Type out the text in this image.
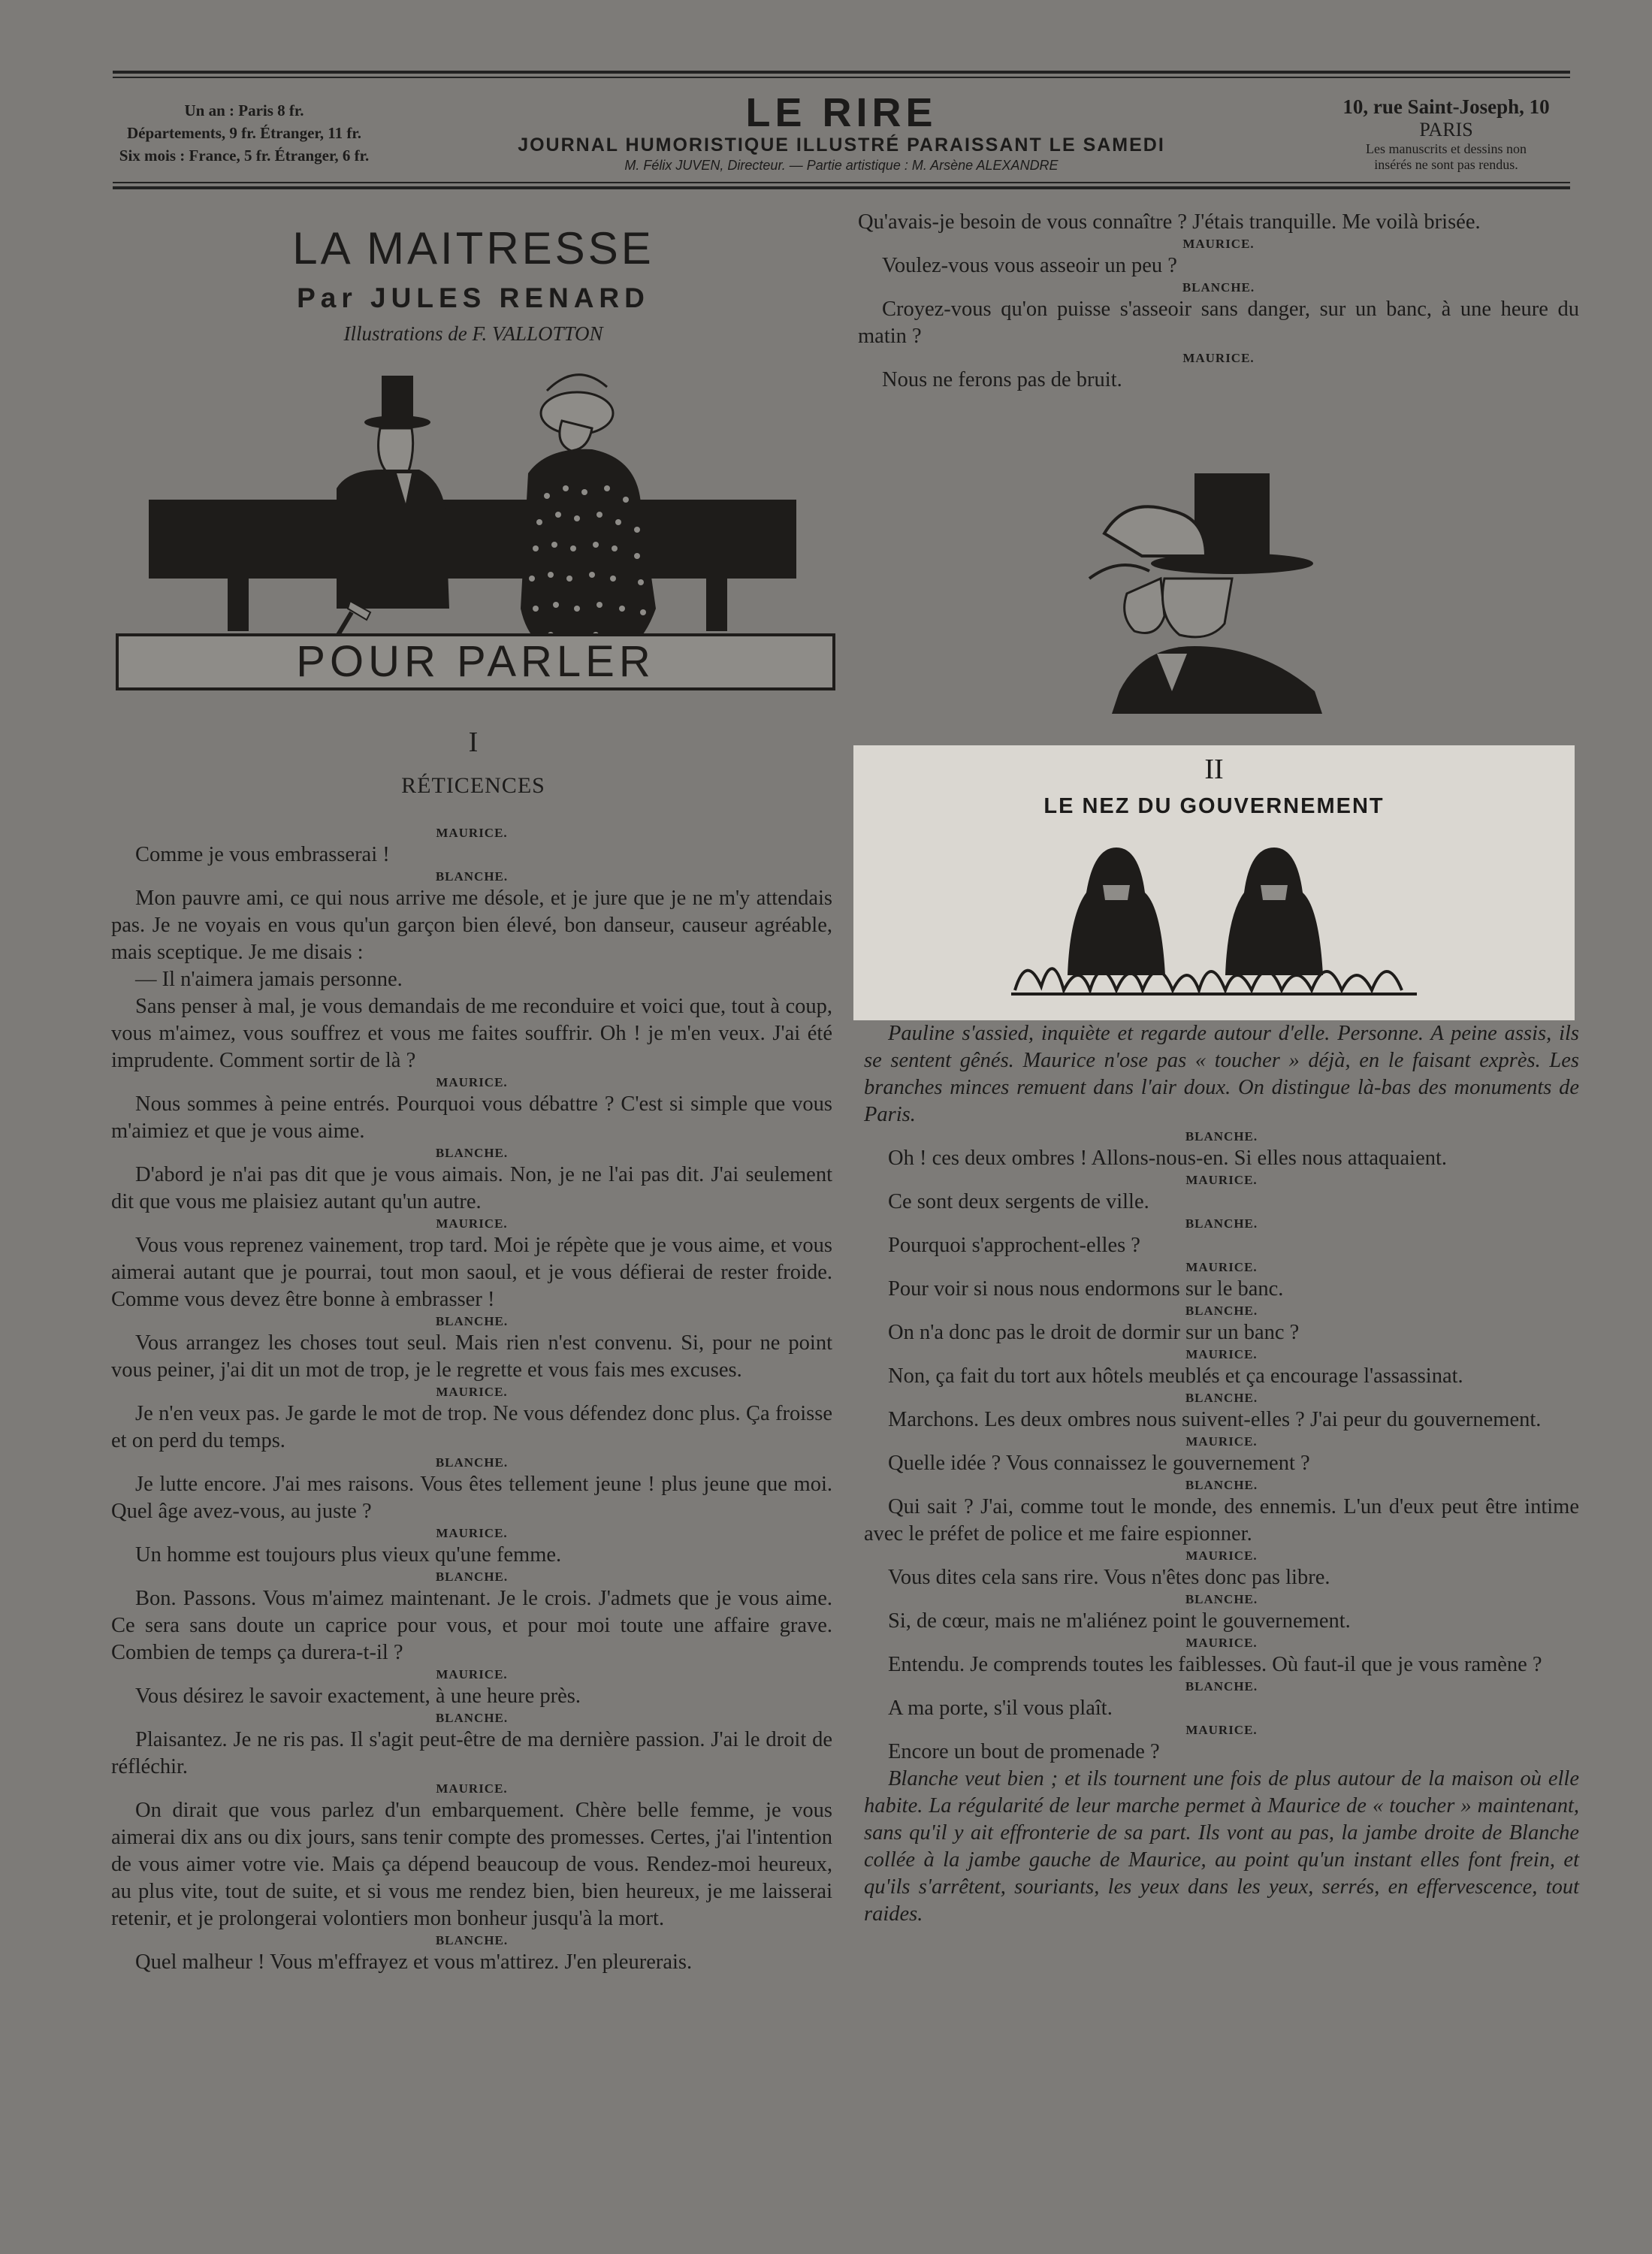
Un an : Paris 8 fr.
Départements, 9 fr. Étranger, 11 fr.
Six mois : France, 5 fr. Étranger, 6 fr.
LE RIRE
JOURNAL HUMORISTIQUE ILLUSTRÉ PARAISSANT LE SAMEDI
M. Félix JUVEN, Directeur. — Partie artistique : M. Arsène ALEXANDRE
10, rue Saint-Joseph, 10
PARIS
Les manuscrits et dessins non
insérés ne sont pas rendus.
LA MAITRESSE
Par JULES RENARD
Illustrations de F. VALLOTTON
POUR PARLER
I
RÉTICENCES

MAURICE.

Comme je vous embrasserai !

BLANCHE.

Mon pauvre ami, ce qui nous arrive me désole, et je jure que je ne m'y attendais pas. Je ne voyais en vous qu'un garçon bien élevé, bon danseur, causeur agréable, mais sceptique. Je me disais :

— Il n'aimera jamais personne.

Sans penser à mal, je vous demandais de me reconduire et voici que, tout à coup, vous m'aimez, vous souffrez et vous me faites souffrir. Oh ! je m'en veux. J'ai été imprudente. Comment sortir de là ?

MAURICE.

Nous sommes à peine entrés. Pourquoi vous débattre ? C'est si simple que vous m'aimiez et que je vous aime.

BLANCHE.

D'abord je n'ai pas dit que je vous aimais. Non, je ne l'ai pas dit. J'ai seulement dit que vous me plaisiez autant qu'un autre.

MAURICE.

Vous vous reprenez vainement, trop tard. Moi je répète que je vous aime, et vous aimerai autant que je pourrai, tout mon saoul, et je vous défierai de rester froide. Comme vous devez être bonne à embrasser !

BLANCHE.

Vous arrangez les choses tout seul. Mais rien n'est convenu. Si, pour ne point vous peiner, j'ai dit un mot de trop, je le regrette et vous fais mes excuses.

MAURICE.

Je n'en veux pas. Je garde le mot de trop. Ne vous défendez donc plus. Ça froisse et on perd du temps.

BLANCHE.

Je lutte encore. J'ai mes raisons. Vous êtes tellement jeune ! plus jeune que moi. Quel âge avez-vous, au juste ?

MAURICE.

Un homme est toujours plus vieux qu'une femme.

BLANCHE.

Bon. Passons. Vous m'aimez maintenant. Je le crois. J'admets que je vous aime. Ce sera sans doute un caprice pour vous, et pour moi toute une affaire grave. Combien de temps ça durera-t-il ?

MAURICE.

Vous désirez le savoir exactement, à une heure près.

BLANCHE.

Plaisantez. Je ne ris pas. Il s'agit peut-être de ma dernière passion. J'ai le droit de réfléchir.

MAURICE.

On dirait que vous parlez d'un embarquement. Chère belle femme, je vous aimerai dix ans ou dix jours, sans tenir compte des promesses. Certes, j'ai l'intention de vous aimer votre vie. Mais ça dépend beaucoup de vous. Rendez-moi heureux, au plus vite, tout de suite, et si vous me rendez bien, bien heureux, je me laisserai retenir, et je prolongerai volontiers mon bonheur jusqu'à la mort.

BLANCHE.

Quel malheur ! Vous m'effrayez et vous m'attirez. J'en pleurerais.

Qu'avais-je besoin de vous connaître ? J'étais tranquille. Me voilà brisée.

MAURICE.

Voulez-vous vous asseoir un peu ?

BLANCHE.

Croyez-vous qu'on puisse s'asseoir sans danger, sur un banc, à une heure du matin ?

MAURICE.

Nous ne ferons pas de bruit.

II
LE NEZ DU GOUVERNEMENT

Pauline s'assied, inquiète et regarde autour d'elle. Personne. A peine assis, ils se sentent gênés. Maurice n'ose pas « toucher » déjà, en le faisant exprès. Les branches minces remuent dans l'air doux. On distingue là-bas des monuments de Paris.

BLANCHE.

Oh ! ces deux ombres ! Allons-nous-en. Si elles nous attaquaient.

MAURICE.

Ce sont deux sergents de ville.

BLANCHE.

Pourquoi s'approchent-elles ?

MAURICE.

Pour voir si nous nous endormons sur le banc.

BLANCHE.

On n'a donc pas le droit de dormir sur un banc ?

MAURICE.

Non, ça fait du tort aux hôtels meublés et ça encourage l'assassinat.

BLANCHE.

Marchons. Les deux ombres nous suivent-elles ? J'ai peur du gouvernement.

MAURICE.

Quelle idée ? Vous connaissez le gouvernement ?

BLANCHE.

Qui sait ? J'ai, comme tout le monde, des ennemis. L'un d'eux peut être intime avec le préfet de police et me faire espionner.

MAURICE.

Vous dites cela sans rire. Vous n'êtes donc pas libre.

BLANCHE.

Si, de cœur, mais ne m'aliénez point le gouvernement.

MAURICE.

Entendu. Je comprends toutes les faiblesses. Où faut-il que je vous ramène ?

BLANCHE.

A ma porte, s'il vous plaît.

MAURICE.

Encore un bout de promenade ?

Blanche veut bien ; et ils tournent une fois de plus autour de la maison où elle habite. La régularité de leur marche permet à Maurice de « toucher » maintenant, sans qu'il y ait effronterie de sa part. Ils vont au pas, la jambe droite de Blanche collée à la jambe gauche de Maurice, au point qu'un instant elles font frein, et qu'ils s'arrêtent, souriants, les yeux dans les yeux, serrés, en effervescence, tout raides.
